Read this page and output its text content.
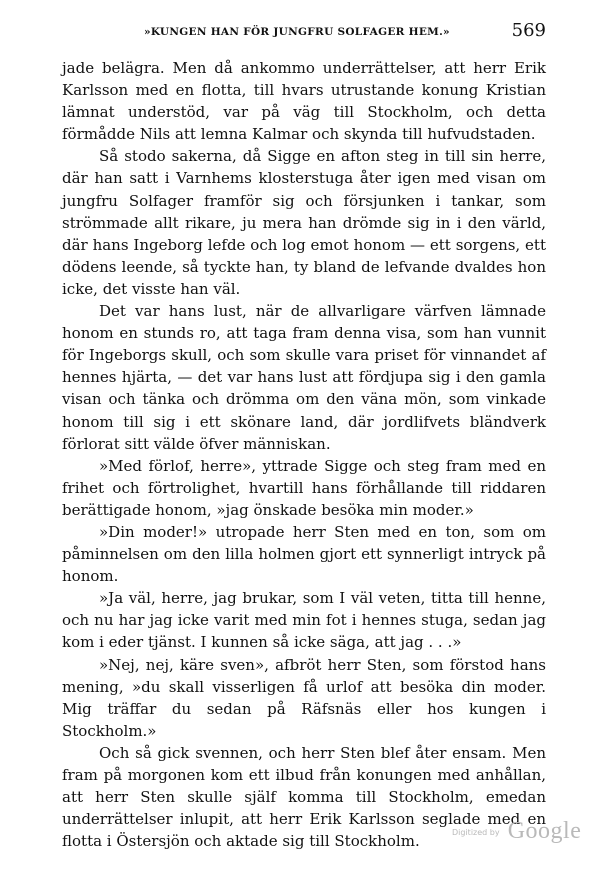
»KUNGEN HAN FÖR JUNGFRU SOLFAGER HEM.»	569

jade belägra. Men då ankommo underrättelser, att herr Erik Karlsson med en flotta, till hvars utrustande konung Kristian lämnat understöd, var på väg till Stockholm, och detta förmådde Nils att lemna Kalmar och skynda till hufvudstaden.

Så stodo sakerna, då Sigge en afton steg in till sin herre, där han satt i Varnhems klosterstuga åter igen med visan om jungfru Solfager framför sig och försjunken i tankar, som strömmade allt rikare, ju mera han drömde sig in i den värld, där hans Ingeborg lefde och log emot honom — ett sorgens, ett dödens leende, så tyckte han, ty bland de lefvande dvaldes hon icke, det visste han väl.

Det var hans lust, när de allvarligare värfven lämnade honom en stunds ro, att taga fram denna visa, som han vunnit för Ingeborgs skull, och som skulle vara priset för vinnandet af hennes hjärta, — det var hans lust att fördjupa sig i den gamla visan och tänka och drömma om den väna mön, som vinkade honom till sig i ett skönare land, där jordlifvets bländverk förlorat sitt välde öfver människan.

»Med förlof, herre», yttrade Sigge och steg fram med en frihet och förtrolighet, hvartill hans förhållande till riddaren berättigade honom, »jag önskade besöka min moder.»

»Din moder!» utropade herr Sten med en ton, som om påminnelsen om den lilla holmen gjort ett synnerligt intryck på honom.

»Ja väl, herre, jag brukar, som I väl veten, titta till henne, och nu har jag icke varit med min fot i hennes stuga, sedan jag kom i eder tjänst. I kunnen så icke säga, att jag . . .»

»Nej, nej, käre sven», afbröt herr Sten, som förstod hans mening, »du skall visserligen få urlof att besöka din moder. Mig träffar du sedan på Räfsnäs eller hos kungen i Stockholm.»

Och så gick svennen, och herr Sten blef åter ensam. Men fram på morgonen kom ett ilbud från konungen med anhållan, att herr Sten skulle själf komma till Stockholm, emedan underrättelser inlupit, att herr Erik Karlsson seglade med en flotta i Östersjön och aktade sig till Stockholm.	Digitized by Google
